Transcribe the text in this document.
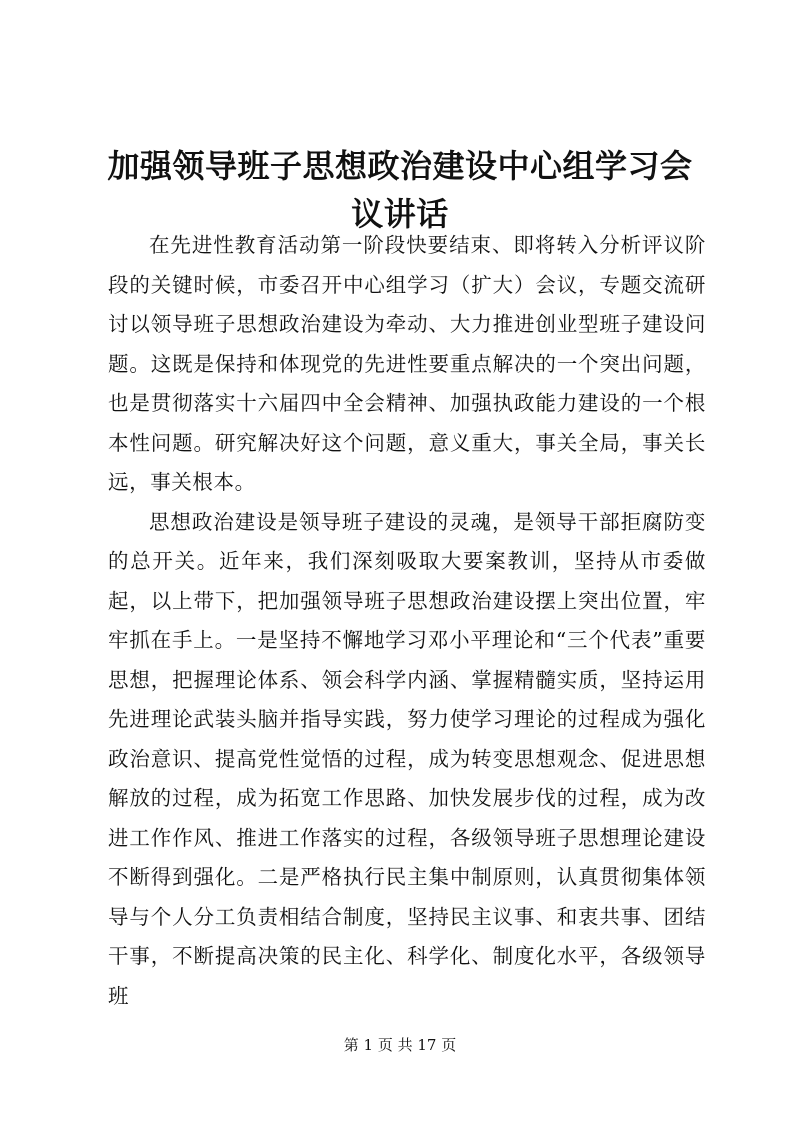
加强领导班子思想政治建设中心组学习会议讲话

在先进性教育活动第一阶段快要结束、即将转入分析评议阶段的关键时候，市委召开中心组学习（扩大）会议，专题交流研讨以领导班子思想政治建设为牵动、大力推进创业型班子建设问题。这既是保持和体现党的先进性要重点解决的一个突出问题，也是贯彻落实十六届四中全会精神、加强执政能力建设的一个根本性问题。研究解决好这个问题，意义重大，事关全局，事关长远，事关根本。

思想政治建设是领导班子建设的灵魂，是领导干部拒腐防变的总开关。近年来，我们深刻吸取大要案教训，坚持从市委做起，以上带下，把加强领导班子思想政治建设摆上突出位置，牢牢抓在手上。一是坚持不懈地学习邓小平理论和“三个代表”重要思想，把握理论体系、领会科学内涵、掌握精髓实质，坚持运用先进理论武装头脑并指导实践，努力使学习理论的过程成为强化政治意识、提高党性觉悟的过程，成为转变思想观念、促进思想解放的过程，成为拓宽工作思路、加快发展步伐的过程，成为改进工作作风、推进工作落实的过程，各级领导班子思想理论建设不断得到强化。二是严格执行民主集中制原则，认真贯彻集体领导与个人分工负责相结合制度，坚持民主议事、和衷共事、团结干事，不断提高决策的民主化、科学化、制度化水平，各级领导班

第 1 页 共 17 页
